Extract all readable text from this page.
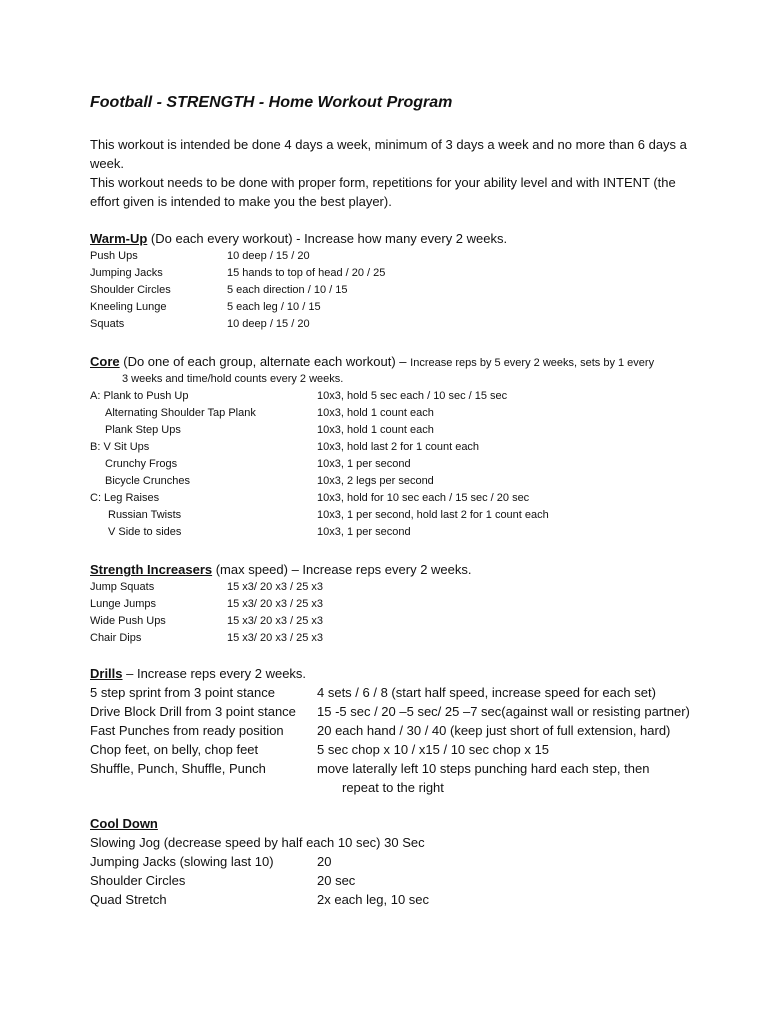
Football - STRENGTH - Home Workout Program
This workout is intended be done 4 days a week, minimum of 3 days a week and no more than 6 days a
week.
This workout needs to be done with proper form, repetitions for your ability level and with INTENT (the
effort given is intended to make you the best player).
Warm-Up (Do each every workout) - Increase how many every 2 weeks.
Push Ups	10 deep / 15 / 20
Jumping Jacks	15 hands to top of head / 20 / 25
Shoulder Circles	5 each direction / 10 / 15
Kneeling Lunge	5 each leg / 10 / 15
Squats	10 deep / 15 / 20
Core (Do one of each group, alternate each workout) – Increase reps by 5 every 2 weeks, sets by 1 every
3 weeks and time/hold counts every 2 weeks.
A: Plank to Push Up	10x3, hold 5 sec each / 10 sec / 15 sec
Alternating Shoulder Tap Plank	10x3, hold 1 count each
Plank Step Ups	10x3, hold 1 count each
B: V Sit Ups	10x3, hold last 2 for 1 count each
Crunchy Frogs	10x3, 1 per second
Bicycle Crunches	10x3, 2 legs per second
C: Leg Raises	10x3, hold for 10 sec each / 15 sec / 20 sec
Russian Twists	10x3, 1 per second, hold last 2 for 1 count each
V Side to sides	10x3, 1 per second
Strength Increasers (max speed) – Increase reps every 2 weeks.
Jump Squats	15 x3/ 20 x3 / 25 x3
Lunge Jumps	15 x3/ 20 x3 / 25 x3
Wide Push Ups	15 x3/ 20 x3 / 25 x3
Chair Dips	15 x3/ 20 x3 / 25 x3
Drills – Increase reps every 2 weeks.
5 step sprint from 3 point stance	4 sets / 6 / 8 (start half speed, increase speed for each set)
Drive Block Drill from 3 point stance 15 -5 sec / 20 –5 sec/ 25 –7 sec(against wall or resisting partner)
Fast Punches from ready position	20 each hand / 30 / 40 (keep just short of full extension, hard)
Chop feet, on belly, chop feet	5 sec chop x 10 / x15 / 10 sec chop x 15
Shuffle, Punch, Shuffle, Punch	move laterally left 10 steps punching hard each step, then
repeat to the right
Cool Down
Slowing Jog (decrease speed by half each 10 sec) 30 Sec
Jumping Jacks (slowing last 10)	20
Shoulder Circles	20 sec
Quad Stretch	2x each leg, 10 sec
